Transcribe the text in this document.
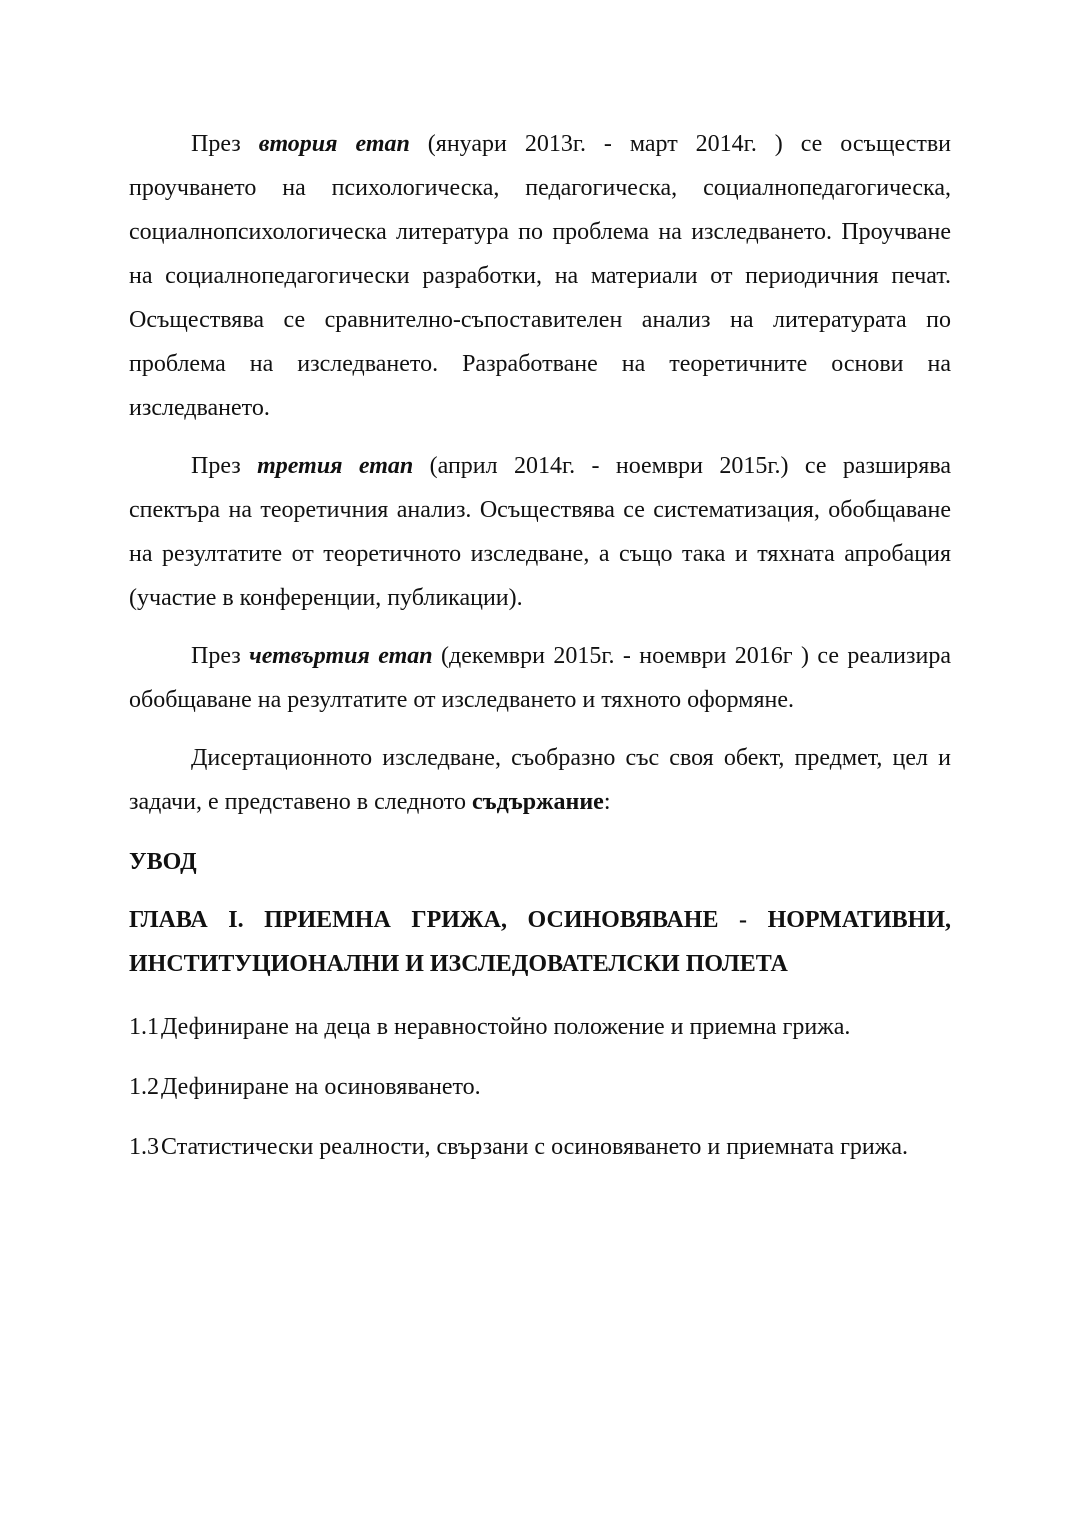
През втория етап (януари 2013г. - март 2014г. ) се осъществи проучването на психологическа, педагогическа, социалнопедагогическа, социалнопсихологическа литература по проблема на изследването. Проучване на социалнопедагогически разработки, на материали от периодичния печат. Осъществява се сравнително-съпоставителен анализ на литературата по проблема на изследването. Разработване на теоретичните основи на изследването.

През третия етап (април 2014г. - ноември 2015г.) се разширява спектъра на теоретичния анализ. Осъществява се систематизация, обобщаване на резултатите от теоретичното изследване, а също така и тяхната апробация (участие в конференции, публикации).

През четвъртия етап (декември 2015г. - ноември 2016г ) се реализира обобщаване на резултатите от изследването и тяхното оформяне.

Дисертационното изследване, съобразно със своя обект, предмет, цел и задачи, е представено в следното съдържание:

УВОД

ГЛАВА I. ПРИЕМНА ГРИЖА, ОСИНОВЯВАНЕ - НОРМАТИВНИ, ИНСТИТУЦИОНАЛНИ И ИЗСЛЕДОВАТЕЛСКИ ПОЛЕТА

1.1 Дефиниране на деца в неравностойно положение и приемна грижа.
1.2 Дефиниране на осиновяването.
1.3 Статистически реалности, свързани с осиновяването и приемната грижа.
